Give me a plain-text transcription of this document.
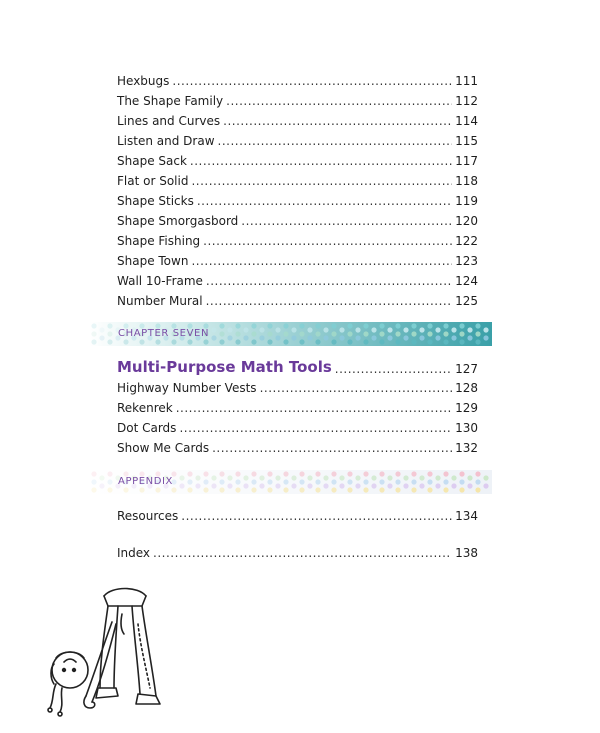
Hexbugs .....	111
The Shape Family .....	112
Lines and Curves .....	114
Listen and Draw .....	115
Shape Sack .....	117
Flat or Solid .....	118
Shape Sticks .....	119
Shape Smorgasbord .....	120
Shape Fishing .....	122
Shape Town .....	123
Wall 10-Frame .....	124
Number Mural .....	125
CHAPTER SEVEN
Multi-Purpose Math Tools .....	127
Highway Number Vests .....	128
Rekenrek .....	129
Dot Cards .....	130
Show Me Cards .....	132
APPENDIX
Resources .....	134
Index .....	138
